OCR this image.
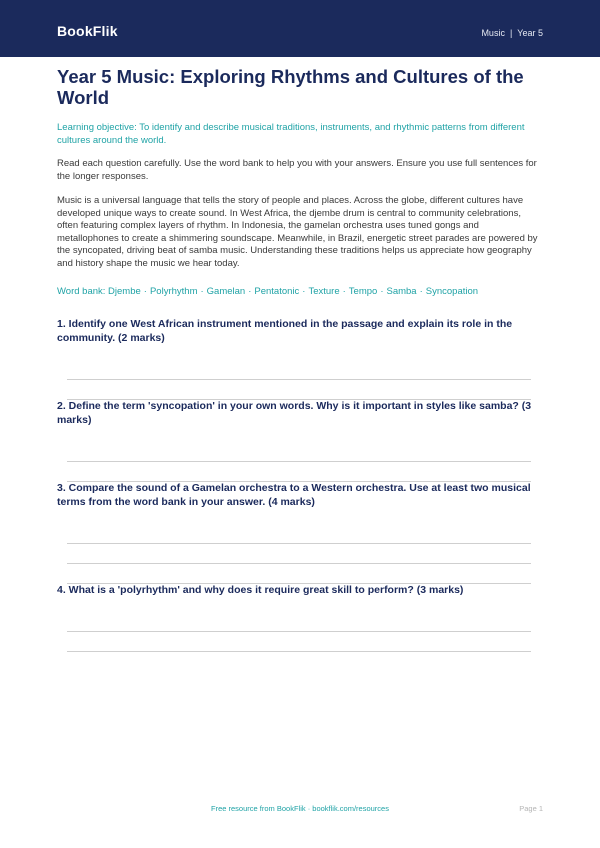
BookFlik	Music | Year 5
Year 5 Music: Exploring Rhythms and Cultures of the World
Learning objective: To identify and describe musical traditions, instruments, and rhythmic patterns from different cultures around the world.
Read each question carefully. Use the word bank to help you with your answers. Ensure you use full sentences for the longer responses.
Music is a universal language that tells the story of people and places. Across the globe, different cultures have developed unique ways to create sound. In West Africa, the djembe drum is central to community celebrations, often featuring complex layers of rhythm. In Indonesia, the gamelan orchestra uses tuned gongs and metallophones to create a shimmering soundscape. Meanwhile, in Brazil, energetic street parades are powered by the syncopated, driving beat of samba music. Understanding these traditions helps us appreciate how geography and history shape the music we hear today.
Word bank: Djembe · Polyrhythm · Gamelan · Pentatonic · Texture · Tempo · Samba · Syncopation
1. Identify one West African instrument mentioned in the passage and explain its role in the community. (2 marks)
2. Define the term 'syncopation' in your own words. Why is it important in styles like samba? (3 marks)
3. Compare the sound of a Gamelan orchestra to a Western orchestra. Use at least two musical terms from the word bank in your answer. (4 marks)
4. What is a 'polyrhythm' and why does it require great skill to perform? (3 marks)
Free resource from BookFlik · bookflik.com/resources	Page 1
